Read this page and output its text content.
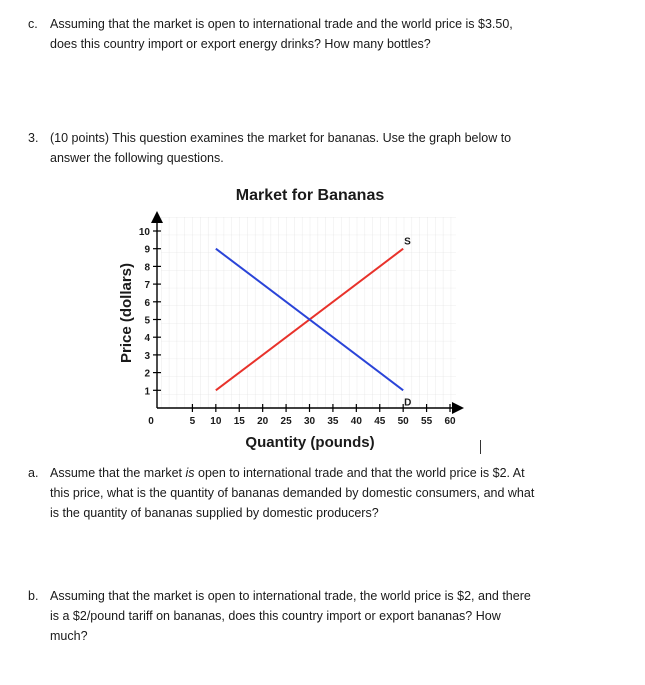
c. Assuming that the market is open to international trade and the world price is $3.50,
does this country import or export energy drinks? How many bottles?
3. (10 points) This question examines the market for bananas. Use the graph below to
answer the following questions.
Market for Bananas
1
2
3
4
5
6
7
8
9
10
5 10 15 20 25 30 35 40 45 50 55 60
0
S
D
Quantity (pounds)
Price (dollars)
a. Assume that the market is open to international trade and that the world price is $2. At
this price, what is the quantity of bananas demanded by domestic consumers, and what
is the quantity of bananas supplied by domestic producers?
b. Assuming that the market is open to international trade, the world price is $2, and there
is a $2/pound tariff on bananas, does this country import or export bananas? How
much?
